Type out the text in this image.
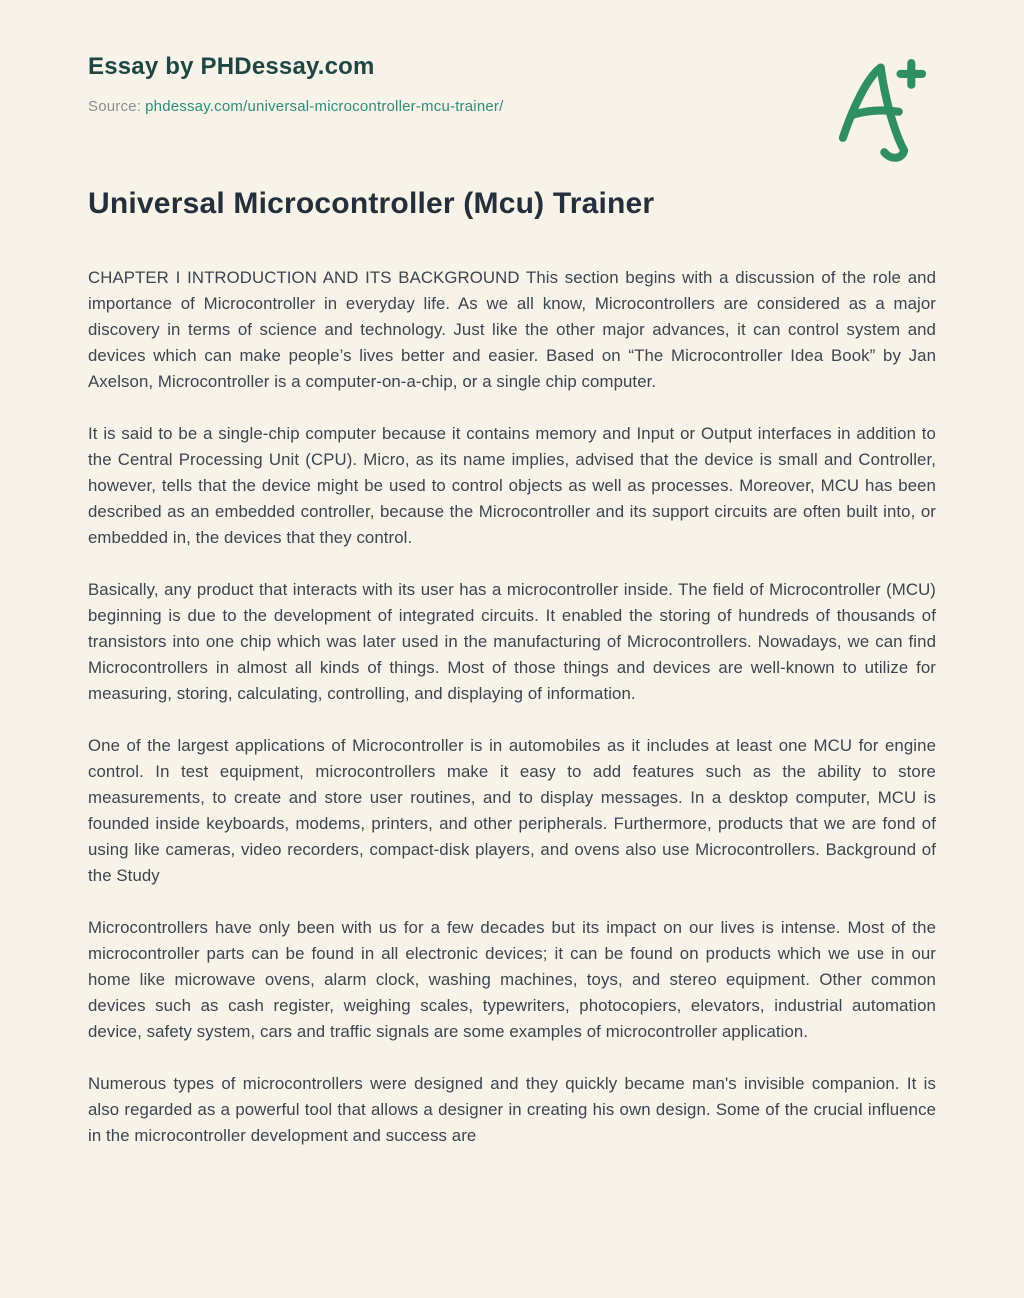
Essay by PHDessay.com
Source: phdessay.com/universal-microcontroller-mcu-trainer/
Universal Microcontroller (Mcu) Trainer

CHAPTER I INTRODUCTION AND ITS BACKGROUND This section begins with a discussion of the role and importance of Microcontroller in everyday life. As we all know, Microcontrollers are considered as a major discovery in terms of science and technology. Just like the other major advances, it can control system and devices which can make people’s lives better and easier. Based on “The Microcontroller Idea Book” by Jan Axelson, Microcontroller is a computer-on-a-chip, or a single chip computer.

It is said to be a single-chip computer because it contains memory and Input or Output interfaces in addition to the Central Processing Unit (CPU). Micro, as its name implies, advised that the device is small and Controller, however, tells that the device might be used to control objects as well as processes. Moreover, MCU has been described as an embedded controller, because the Microcontroller and its support circuits are often built into, or embedded in, the devices that they control.

Basically, any product that interacts with its user has a microcontroller inside. The field of Microcontroller (MCU) beginning is due to the development of integrated circuits. It enabled the storing of hundreds of thousands of transistors into one chip which was later used in the manufacturing of Microcontrollers. Nowadays, we can find Microcontrollers in almost all kinds of things. Most of those things and devices are well-known to utilize for measuring, storing, calculating, controlling, and displaying of information.

One of the largest applications of Microcontroller is in automobiles as it includes at least one MCU for engine control. In test equipment, microcontrollers make it easy to add features such as the ability to store measurements, to create and store user routines, and to display messages. In a desktop computer, MCU is founded inside keyboards, modems, printers, and other peripherals. Furthermore, products that we are fond of using like cameras, video recorders, compact-disk players, and ovens also use Microcontrollers. Background of the Study

Microcontrollers have only been with us for a few decades but its impact on our lives is intense. Most of the microcontroller parts can be found in all electronic devices; it can be found on products which we use in our home like microwave ovens, alarm clock, washing machines, toys, and stereo equipment. Other common devices such as cash register, weighing scales, typewriters, photocopiers, elevators, industrial automation device, safety system, cars and traffic signals are some examples of microcontroller application.

Numerous types of microcontrollers were designed and they quickly became man's invisible companion. It is also regarded as a powerful tool that allows a designer in creating his own design. Some of the crucial influence in the microcontroller development and success are
